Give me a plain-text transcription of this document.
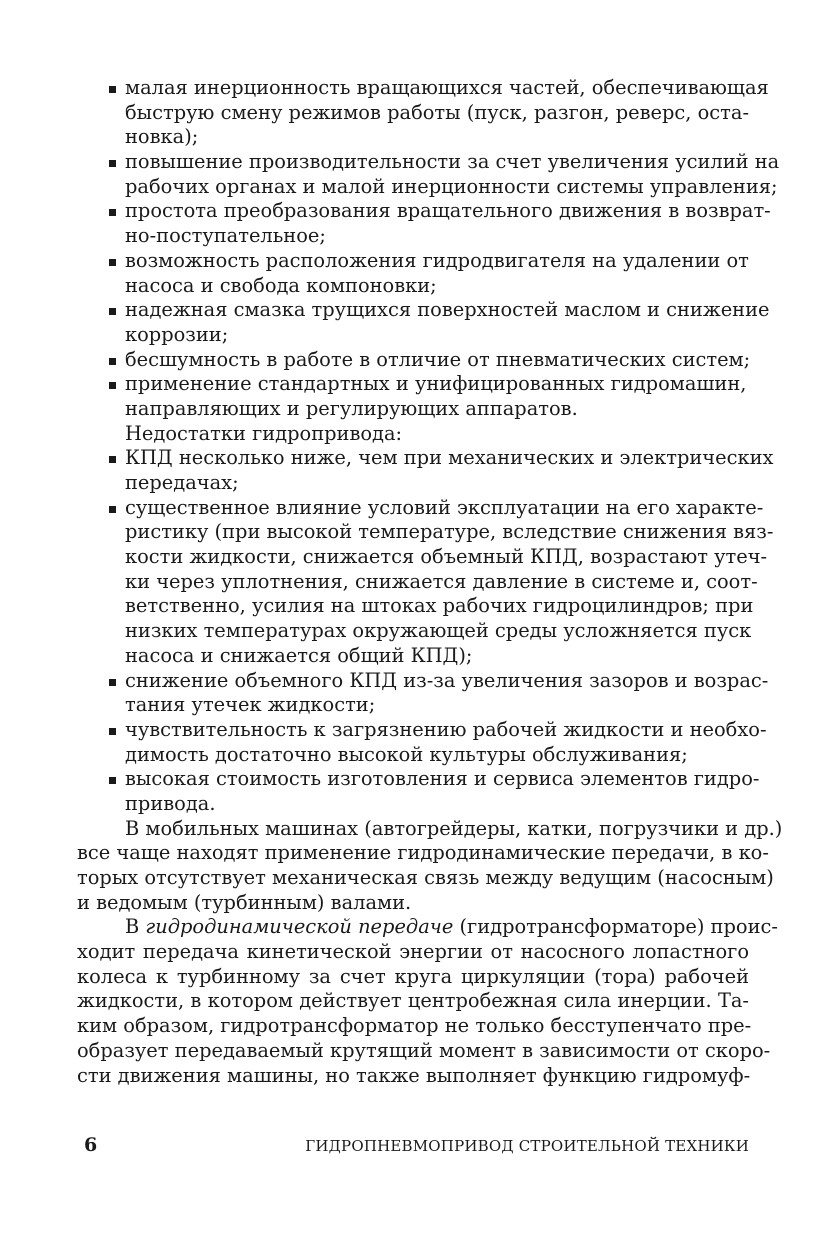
малая инерционность вращающихся частей, обеспечивающая
быструю смену режимов работы (пуск, разгон, реверс, оста-
новка);
повышение производительности за счет увеличения усилий на
рабочих органах и малой инерционности системы управления;
простота преобразования вращательного движения в возврат-
но-поступательное;
возможность расположения гидродвигателя на удалении от
насоса и свобода компоновки;
надежная смазка трущихся поверхностей маслом и снижение
коррозии;
бесшумность в работе в отличие от пневматических систем;
применение стандартных и унифицированных гидромашин,
направляющих и регулирующих аппаратов.
Недостатки гидропривода:
КПД несколько ниже, чем при механических и электрических
передачах;
существенное влияние условий эксплуатации на его характе-
ристику (при высокой температуре, вследствие снижения вяз-
кости жидкости, снижается объемный КПД, возрастают утеч-
ки через уплотнения, снижается давление в системе и, соот-
ветственно, усилия на штоках рабочих гидроцилиндров; при
низких температурах окружающей среды усложняется пуск
насоса и снижается общий КПД);
снижение объемного КПД из-за увеличения зазоров и возрас-
тания утечек жидкости;
чувствительность к загрязнению рабочей жидкости и необхо-
димость достаточно высокой культуры обслуживания;
высокая стоимость изготовления и сервиса элементов гидро-
привода.
В мобильных машинах (автогрейдеры, катки, погрузчики и др.)
все чаще находят применение гидродинамические передачи, в ко-
торых отсутствует механическая связь между ведущим (насосным)
и ведомым (турбинным) валами.
В гидродинамической передаче (гидротрансформаторе) проис-
ходит передача кинетической энергии от насосного лопастного
колеса к турбинному за счет круга циркуляции (тора) рабочей
жидкости, в котором действует центробежная сила инерции. Та-
ким образом, гидротрансформатор не только бесступенчато пре-
образует передаваемый крутящий момент в зависимости от скоро-
сти движения машины, но также выполняет функцию гидромуф-
6	ГИДРОПНЕВМОПРИВОД СТРОИТЕЛЬНОЙ ТЕХНИКИ
